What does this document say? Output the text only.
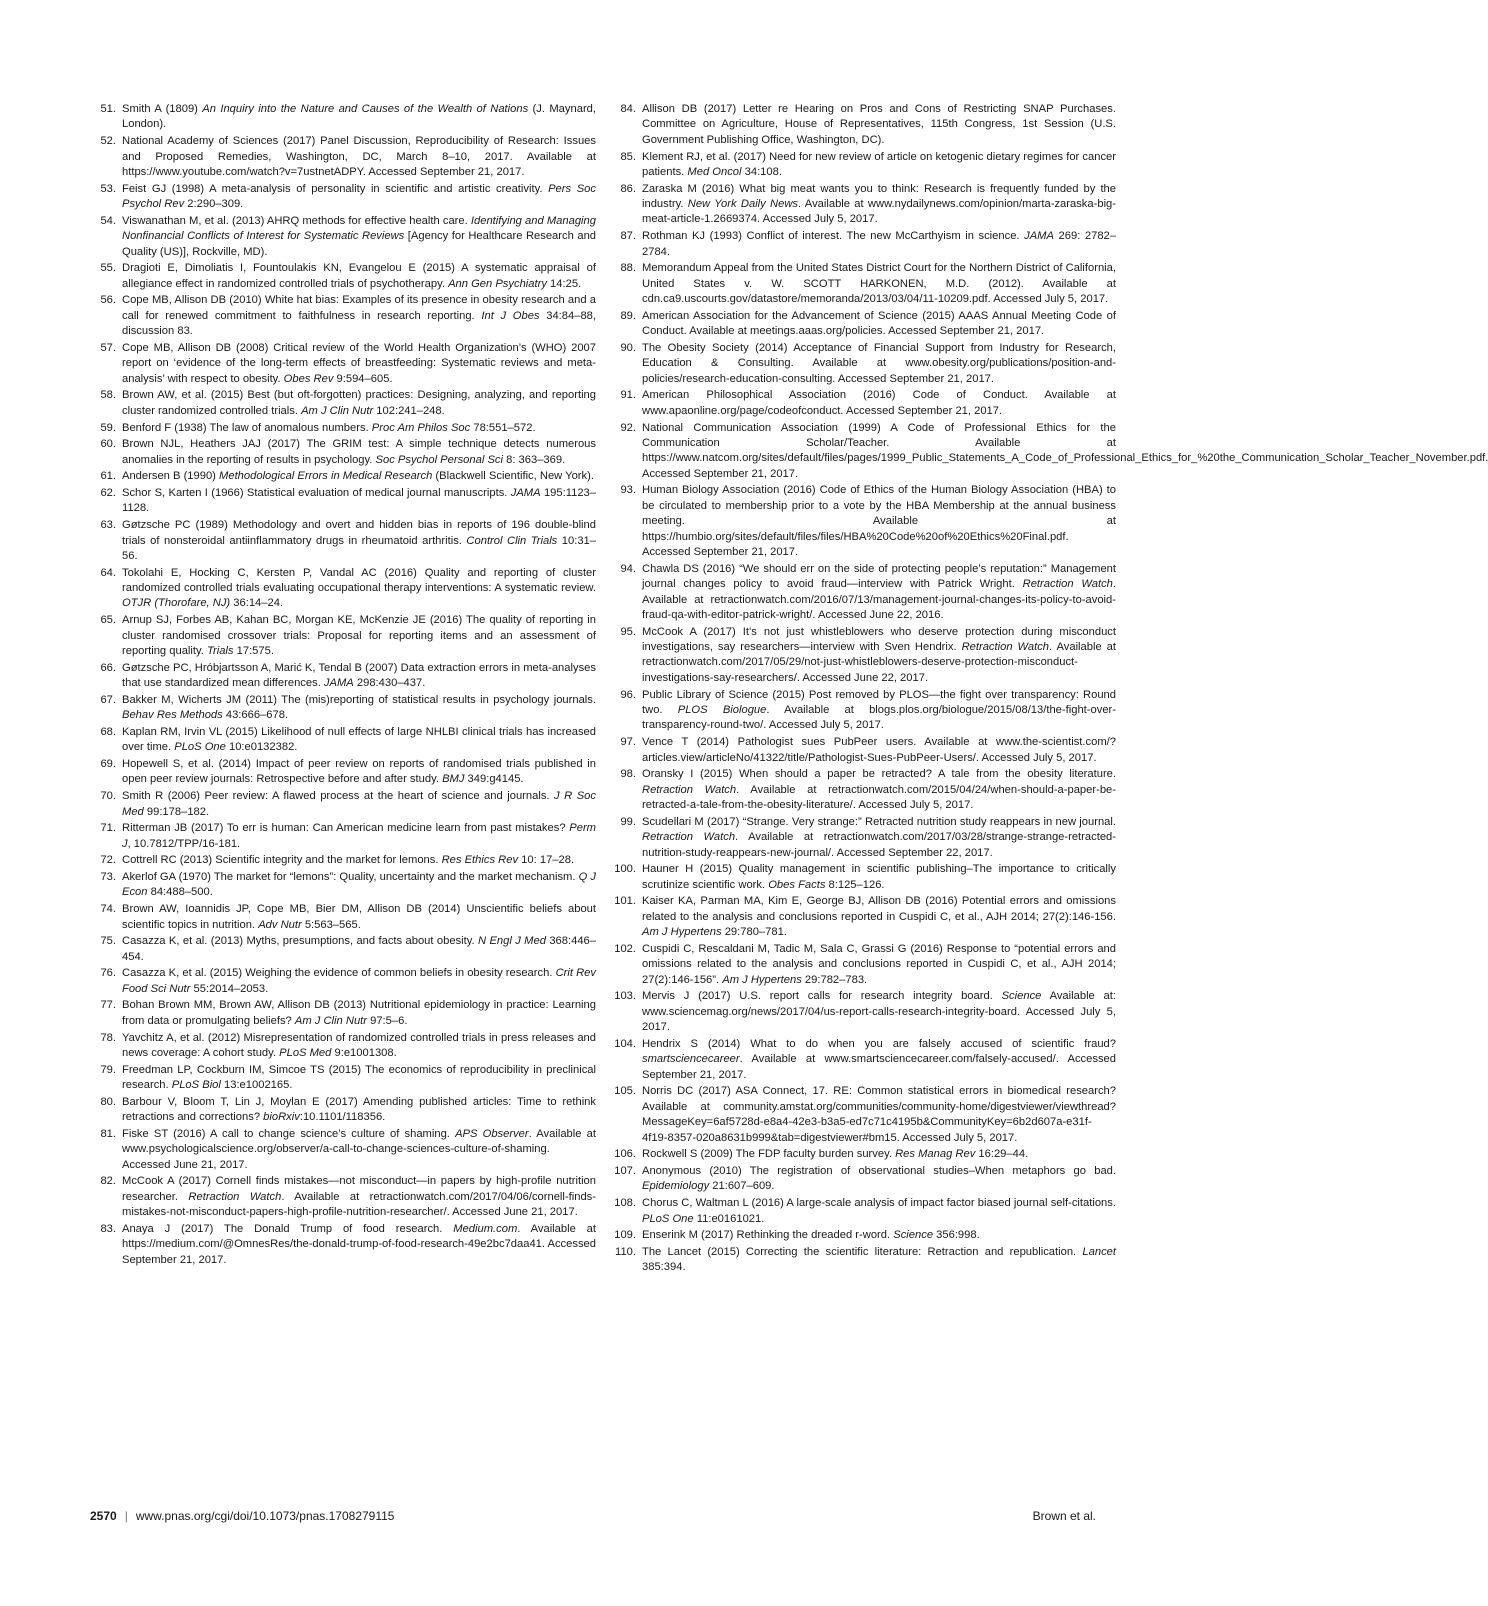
51. Smith A (1809) An Inquiry into the Nature and Causes of the Wealth of Nations (J. Maynard, London).
52. National Academy of Sciences (2017) Panel Discussion, Reproducibility of Research: Issues and Proposed Remedies, Washington, DC, March 8–10, 2017. Available at https://www.youtube.com/watch?v=7ustnetADPY. Accessed September 21, 2017.
53. Feist GJ (1998) A meta-analysis of personality in scientific and artistic creativity. Pers Soc Psychol Rev 2:290–309.
54. Viswanathan M, et al. (2013) AHRQ methods for effective health care. Identifying and Managing Nonfinancial Conflicts of Interest for Systematic Reviews [Agency for Healthcare Research and Quality (US)], Rockville, MD).
55. Dragioti E, Dimoliatis I, Fountoulakis KN, Evangelou E (2015) A systematic appraisal of allegiance effect in randomized controlled trials of psychotherapy. Ann Gen Psychiatry 14:25.
56. Cope MB, Allison DB (2010) White hat bias: Examples of its presence in obesity research and a call for renewed commitment to faithfulness in research reporting. Int J Obes 34:84–88, discussion 83.
57. Cope MB, Allison DB (2008) Critical review of the World Health Organization’s (WHO) 2007 report on ‘evidence of the long-term effects of breastfeeding: Systematic reviews and meta-analysis’ with respect to obesity. Obes Rev 9:594–605.
58. Brown AW, et al. (2015) Best (but oft-forgotten) practices: Designing, analyzing, and reporting cluster randomized controlled trials. Am J Clin Nutr 102:241–248.
59. Benford F (1938) The law of anomalous numbers. Proc Am Philos Soc 78:551–572.
60. Brown NJL, Heathers JAJ (2017) The GRIM test: A simple technique detects numerous anomalies in the reporting of results in psychology. Soc Psychol Personal Sci 8: 363–369.
61. Andersen B (1990) Methodological Errors in Medical Research (Blackwell Scientific, New York).
62. Schor S, Karten I (1966) Statistical evaluation of medical journal manuscripts. JAMA 195:1123–1128.
63. Gøtzsche PC (1989) Methodology and overt and hidden bias in reports of 196 double-blind trials of nonsteroidal antiinflammatory drugs in rheumatoid arthritis. Control Clin Trials 10:31–56.
64. Tokolahi E, Hocking C, Kersten P, Vandal AC (2016) Quality and reporting of cluster randomized controlled trials evaluating occupational therapy interventions: A systematic review. OTJR (Thorofare, NJ) 36:14–24.
65. Arnup SJ, Forbes AB, Kahan BC, Morgan KE, McKenzie JE (2016) The quality of reporting in cluster randomised crossover trials: Proposal for reporting items and an assessment of reporting quality. Trials 17:575.
66. Gøtzsche PC, Hróbjartsson A, Marić K, Tendal B (2007) Data extraction errors in meta-analyses that use standardized mean differences. JAMA 298:430–437.
67. Bakker M, Wicherts JM (2011) The (mis)reporting of statistical results in psychology journals. Behav Res Methods 43:666–678.
68. Kaplan RM, Irvin VL (2015) Likelihood of null effects of large NHLBI clinical trials has increased over time. PLoS One 10:e0132382.
69. Hopewell S, et al. (2014) Impact of peer review on reports of randomised trials published in open peer review journals: Retrospective before and after study. BMJ 349:g4145.
70. Smith R (2006) Peer review: A flawed process at the heart of science and journals. J R Soc Med 99:178–182.
71. Ritterman JB (2017) To err is human: Can American medicine learn from past mistakes? Perm J, 10.7812/TPP/16-181.
72. Cottrell RC (2013) Scientific integrity and the market for lemons. Res Ethics Rev 10: 17–28.
73. Akerlof GA (1970) The market for “lemons”: Quality, uncertainty and the market mechanism. Q J Econ 84:488–500.
74. Brown AW, Ioannidis JP, Cope MB, Bier DM, Allison DB (2014) Unscientific beliefs about scientific topics in nutrition. Adv Nutr 5:563–565.
75. Casazza K, et al. (2013) Myths, presumptions, and facts about obesity. N Engl J Med 368:446–454.
76. Casazza K, et al. (2015) Weighing the evidence of common beliefs in obesity research. Crit Rev Food Sci Nutr 55:2014–2053.
77. Bohan Brown MM, Brown AW, Allison DB (2013) Nutritional epidemiology in practice: Learning from data or promulgating beliefs? Am J Clin Nutr 97:5–6.
78. Yavchitz A, et al. (2012) Misrepresentation of randomized controlled trials in press releases and news coverage: A cohort study. PLoS Med 9:e1001308.
79. Freedman LP, Cockburn IM, Simcoe TS (2015) The economics of reproducibility in preclinical research. PLoS Biol 13:e1002165.
80. Barbour V, Bloom T, Lin J, Moylan E (2017) Amending published articles: Time to rethink retractions and corrections? bioRxiv:10.1101/118356.
81. Fiske ST (2016) A call to change science’s culture of shaming. APS Observer. Available at www.psychologicalscience.org/observer/a-call-to-change-sciences-culture-of-shaming. Accessed June 21, 2017.
82. McCook A (2017) Cornell finds mistakes—not misconduct—in papers by high-profile nutrition researcher. Retraction Watch. Available at retractionwatch.com/2017/04/06/cornell-finds-mistakes-not-misconduct-papers-high-profile-nutrition-researcher/. Accessed June 21, 2017.
83. Anaya J (2017) The Donald Trump of food research. Medium.com. Available at https://medium.com/@OmnesRes/the-donald-trump-of-food-research-49e2bc7daa41. Accessed September 21, 2017.
84. Allison DB (2017) Letter re Hearing on Pros and Cons of Restricting SNAP Purchases. Committee on Agriculture, House of Representatives, 115th Congress, 1st Session (U.S. Government Publishing Office, Washington, DC).
85. Klement RJ, et al. (2017) Need for new review of article on ketogenic dietary regimes for cancer patients. Med Oncol 34:108.
86. Zaraska M (2016) What big meat wants you to think: Research is frequently funded by the industry. New York Daily News. Available at www.nydailynews.com/opinion/marta-zaraska-big-meat-article-1.2669374. Accessed July 5, 2017.
87. Rothman KJ (1993) Conflict of interest. The new McCarthyism in science. JAMA 269: 2782–2784.
88. Memorandum Appeal from the United States District Court for the Northern District of California, United States v. W. SCOTT HARKONEN, M.D. (2012). Available at cdn.ca9.uscourts.gov/datastore/memoranda/2013/03/04/11-10209.pdf. Accessed July 5, 2017.
89. American Association for the Advancement of Science (2015) AAAS Annual Meeting Code of Conduct. Available at meetings.aaas.org/policies. Accessed September 21, 2017.
90. The Obesity Society (2014) Acceptance of Financial Support from Industry for Research, Education & Consulting. Available at www.obesity.org/publications/position-and-policies/research-education-consulting. Accessed September 21, 2017.
91. American Philosophical Association (2016) Code of Conduct. Available at www.apaonline.org/page/codeofconduct. Accessed September 21, 2017.
92. National Communication Association (1999) A Code of Professional Ethics for the Communication Scholar/Teacher. Available at https://www.natcom.org/sites/default/files/pages/1999_Public_Statements_A_Code_of_Professional_Ethics_for_%20the_Communication_Scholar_Teacher_November.pdf. Accessed September 21, 2017.
93. Human Biology Association (2016) Code of Ethics of the Human Biology Association (HBA) to be circulated to membership prior to a vote by the HBA Membership at the annual business meeting. Available at https://humbio.org/sites/default/files/files/HBA%20Code%20of%20Ethics%20Final.pdf. Accessed September 21, 2017.
94. Chawla DS (2016) “We should err on the side of protecting people’s reputation:” Management journal changes policy to avoid fraud—interview with Patrick Wright. Retraction Watch. Available at retractionwatch.com/2016/07/13/management-journal-changes-its-policy-to-avoid-fraud-qa-with-editor-patrick-wright/. Accessed June 22, 2016.
95. McCook A (2017) It’s not just whistleblowers who deserve protection during misconduct investigations, say researchers—interview with Sven Hendrix. Retraction Watch. Available at retractionwatch.com/2017/05/29/not-just-whistleblowers-deserve-protection-misconduct-investigations-say-researchers/. Accessed June 22, 2017.
96. Public Library of Science (2015) Post removed by PLOS—the fight over transparency: Round two. PLOS Biologue. Available at blogs.plos.org/biologue/2015/08/13/the-fight-over-transparency-round-two/. Accessed July 5, 2017.
97. Vence T (2014) Pathologist sues PubPeer users. Available at www.the-scientist.com/?articles.view/articleNo/41322/title/Pathologist-Sues-PubPeer-Users/. Accessed July 5, 2017.
98. Oransky I (2015) When should a paper be retracted? A tale from the obesity literature. Retraction Watch. Available at retractionwatch.com/2015/04/24/when-should-a-paper-be-retracted-a-tale-from-the-obesity-literature/. Accessed July 5, 2017.
99. Scudellari M (2017) “Strange. Very strange:” Retracted nutrition study reappears in new journal. Retraction Watch. Available at retractionwatch.com/2017/03/28/strange-strange-retracted-nutrition-study-reappears-new-journal/. Accessed September 22, 2017.
100. Hauner H (2015) Quality management in scientific publishing–The importance to critically scrutinize scientific work. Obes Facts 8:125–126.
101. Kaiser KA, Parman MA, Kim E, George BJ, Allison DB (2016) Potential errors and omissions related to the analysis and conclusions reported in Cuspidi C, et al., AJH 2014; 27(2):146-156. Am J Hypertens 29:780–781.
102. Cuspidi C, Rescaldani M, Tadic M, Sala C, Grassi G (2016) Response to “potential errors and omissions related to the analysis and conclusions reported in Cuspidi C, et al., AJH 2014; 27(2):146-156”. Am J Hypertens 29:782–783.
103. Mervis J (2017) U.S. report calls for research integrity board. Science Available at: www.sciencemag.org/news/2017/04/us-report-calls-research-integrity-board. Accessed July 5, 2017.
104. Hendrix S (2014) What to do when you are falsely accused of scientific fraud? smartsciencecareer. Available at www.smartsciencecareer.com/falsely-accused/. Accessed September 21, 2017.
105. Norris DC (2017) ASA Connect, 17. RE: Common statistical errors in biomedical research? Available at community.amstat.org/communities/community-home/digestviewer/viewthread?MessageKey=6af5728d-e8a4-42e3-b3a5-ed7c71c4195b&CommunityKey=6b2d607a-e31f-4f19-8357-020a8631b999&tab=digestviewer#bm15. Accessed July 5, 2017.
106. Rockwell S (2009) The FDP faculty burden survey. Res Manag Rev 16:29–44.
107. Anonymous (2010) The registration of observational studies–When metaphors go bad. Epidemiology 21:607–609.
108. Chorus C, Waltman L (2016) A large-scale analysis of impact factor biased journal self-citations. PLoS One 11:e0161021.
109. Enserink M (2017) Rethinking the dreaded r-word. Science 356:998.
110. The Lancet (2015) Correcting the scientific literature: Retraction and republication. Lancet 385:394.
2570 | www.pnas.org/cgi/doi/10.1073/pnas.1708279115	Brown et al.
